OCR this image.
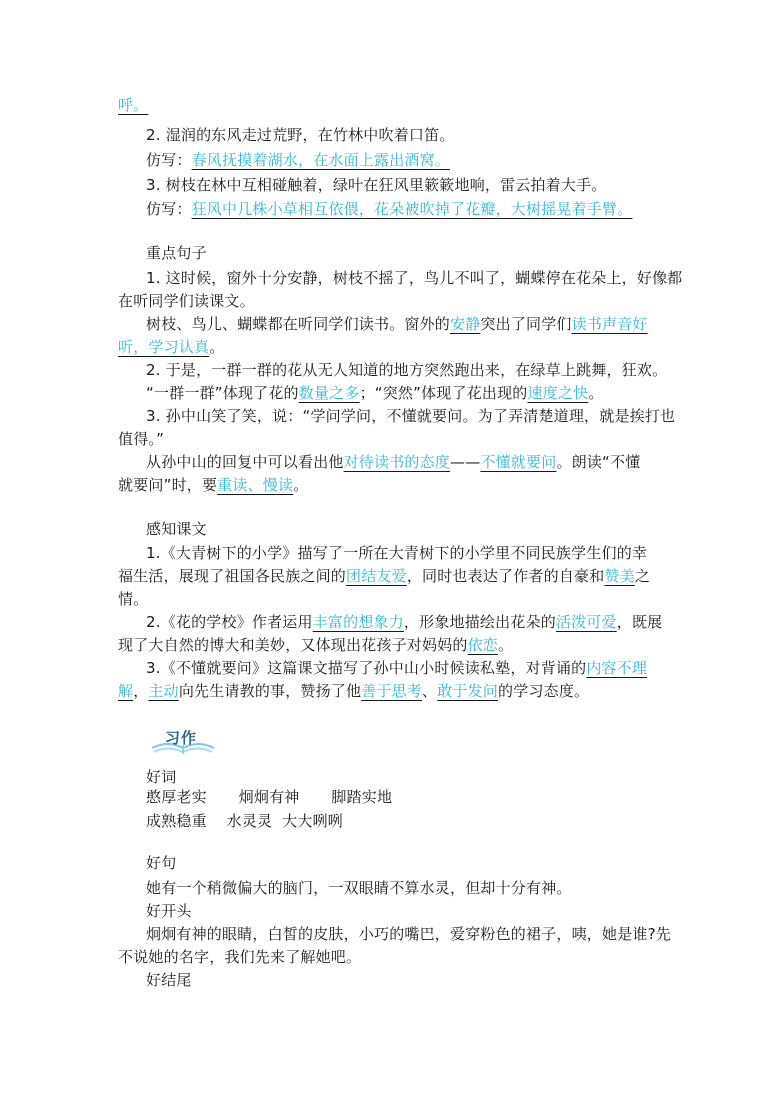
呼。
2. 湿润的东风走过荒野，在竹林中吹着口笛。
仿写：春风抚摸着湖水，在水面上露出酒窝。
3. 树枝在林中互相碰触着，绿叶在狂风里簌簌地响，雷云拍着大手。
仿写：狂风中几株小草相互依偎，花朵被吹掉了花瓣，大树摇晃着手臂。
重点句子
1. 这时候，窗外十分安静，树枝不摇了，鸟儿不叫了，蝴蝶停在花朵上，好像都
在听同学们读课文。
树枝、鸟儿、蝴蝶都在听同学们读书。窗外的安静突出了同学们读书声音好
听，学习认真。
2. 于是，一群一群的花从无人知道的地方突然跑出来，在绿草上跳舞，狂欢。
“一群一群”体现了花的数量之多；“突然”体现了花出现的速度之快。
3. 孙中山笑了笑，说：“学问学问，不懂就要问。为了弄清楚道理，就是挨打也
值得。”
从孙中山的回复中可以看出他对待读书的态度——不懂就要问。朗读“不懂
就要问”时，要重读、慢读。
感知课文
1.《大青树下的小学》描写了一所在大青树下的小学里不同民族学生们的幸
福生活，展现了祖国各民族之间的团结友爱，同时也表达了作者的自豪和赞美之
情。
2.《花的学校》作者运用丰富的想象力，形象地描绘出花朵的活泼可爱，既展
现了大自然的博大和美妙，又体现出花孩子对妈妈的依恋。
3.《不懂就要问》这篇课文描写了孙中山小时候读私塾，对背诵的内容不理
解，主动向先生请教的事，赞扬了他善于思考、敢于发问的学习态度。
习作
好词
憨厚老实    炯炯有神    脚踏实地
成熟稳重    水灵灵  大大咧咧
好句
她有一个稍微偏大的脑门，一双眼睛不算水灵，但却十分有神。
好开头
炯炯有神的眼睛，白皙的皮肤，小巧的嘴巴，爱穿粉色的裙子，咦，她是谁?先
不说她的名字，我们先来了解她吧。
好结尾
